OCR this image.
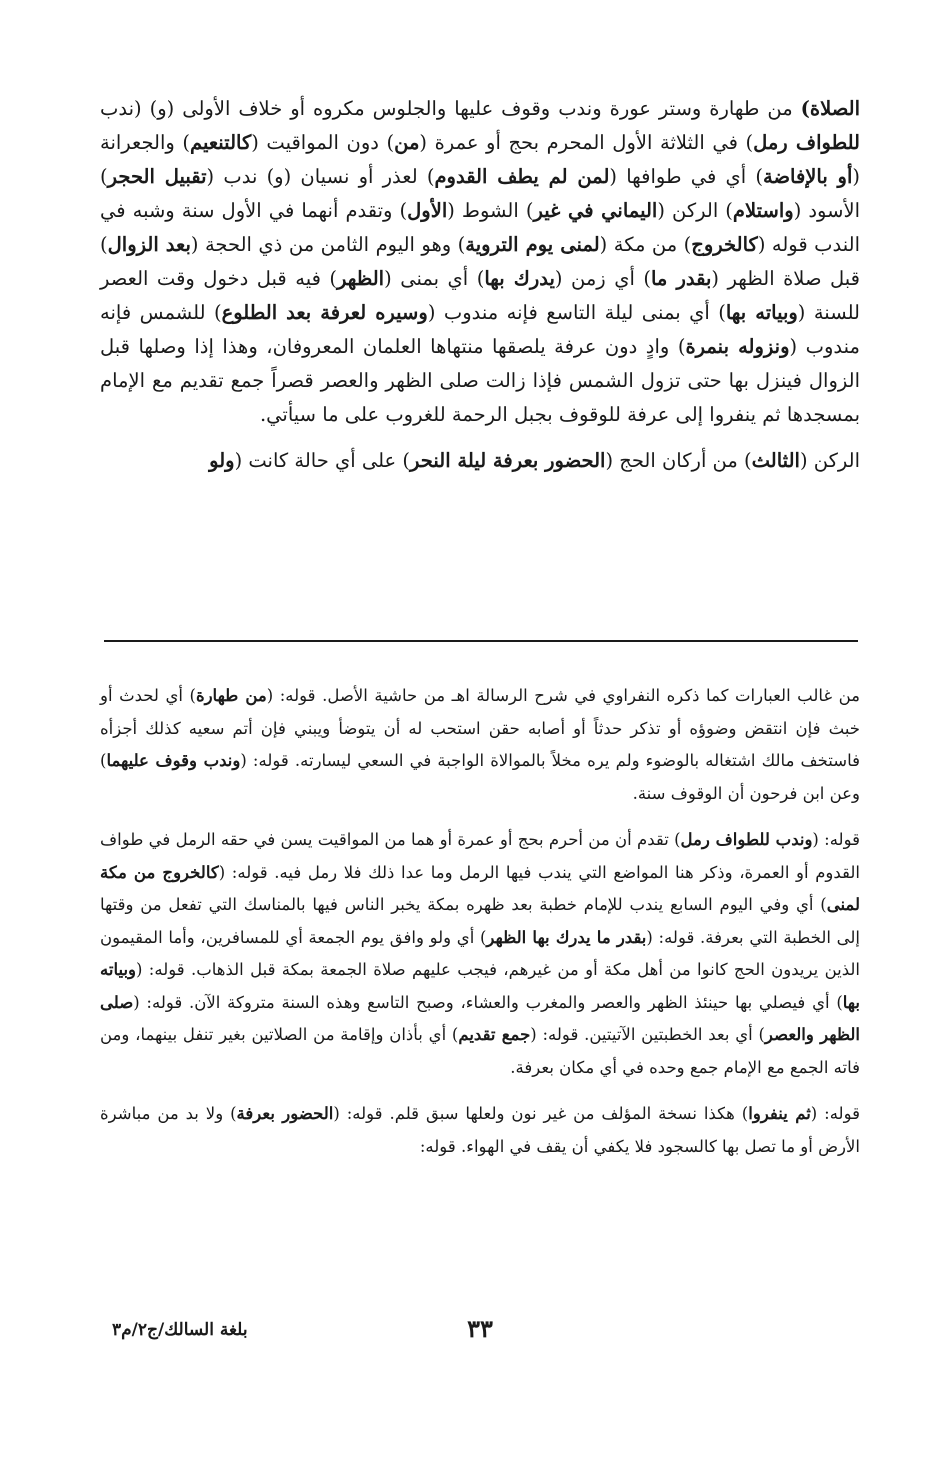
الصلاة) من طهارة وستر عورة وندب وقوف عليها والجلوس مكروه أو خلاف الأولى (و) (ندب للطواف رمل) في الثلاثة الأول المحرم بحج أو عمرة (من) دون المواقيت (كالتنعيم) والجعرانة (أو بالإفاضة) أي في طوافها (لمن لم يطف القدوم) لعذر أو نسيان (و) ندب (تقبيل الحجر) الأسود (واستلام) الركن (اليماني في غير) الشوط (الأول) وتقدم أنهما في الأول سنة وشبه في الندب قوله (كالخروج) من مكة (لمنى يوم التروية) وهو اليوم الثامن من ذي الحجة (بعد الزوال) قبل صلاة الظهر (بقدر ما) أي زمن (يدرك بها) أي بمنى (الظهر) فيه قبل دخول وقت العصر للسنة (وبياته بها) أي بمنى ليلة التاسع فإنه مندوب (وسيره لعرفة بعد الطلوع) للشمس فإنه مندوب (ونزوله بنمرة) وادٍ دون عرفة يلصقها منتهاها العلمان المعروفان، وهذا إذا وصلها قبل الزوال فينزل بها حتى تزول الشمس فإذا زالت صلى الظهر والعصر قصراً جمع تقديم مع الإمام بمسجدها ثم ينفروا إلى عرفة للوقوف بجبل الرحمة للغروب على ما سيأتي.

الركن (الثالث) من أركان الحج (الحضور بعرفة ليلة النحر) على أي حالة كانت (ولو

من غالب العبارات كما ذكره النفراوي في شرح الرسالة اهـ من حاشية الأصل. قوله: (من طهارة) أي لحدث أو خبث فإن انتقض وضوؤه أو تذكر حدثاً أو أصابه حقن استحب له أن يتوضأ ويبني فإن أتم سعيه كذلك أجزأه فاستخف مالك اشتغاله بالوضوء ولم يره مخلاً بالموالاة الواجبة في السعي ليسارته. قوله: (وندب وقوف عليهما) وعن ابن فرحون أن الوقوف سنة.

قوله: (وندب للطواف رمل) تقدم أن من أحرم بحج أو عمرة أو هما من المواقيت يسن في حقه الرمل في طواف القدوم أو العمرة، وذكر هنا المواضع التي يندب فيها الرمل وما عدا ذلك فلا رمل فيه. قوله: (كالخروج من مكة لمنى) أي وفي اليوم السابع يندب للإمام خطبة بعد ظهره بمكة يخبر الناس فيها بالمناسك التي تفعل من وقتها إلى الخطبة التي بعرفة. قوله: (بقدر ما يدرك بها الظهر) أي ولو وافق يوم الجمعة أي للمسافرين، وأما المقيمون الذين يريدون الحج كانوا من أهل مكة أو من غيرهم، فيجب عليهم صلاة الجمعة بمكة قبل الذهاب. قوله: (وبياته بها) أي فيصلي بها حينئذ الظهر والعصر والمغرب والعشاء، وصبح التاسع وهذه السنة متروكة الآن. قوله: (صلى الظهر والعصر) أي بعد الخطبتين الآتيتين. قوله: (جمع تقديم) أي بأذان وإقامة من الصلاتين بغير تنفل بينهما، ومن فاته الجمع مع الإمام جمع وحده في أي مكان بعرفة.

قوله: (ثم ينفروا) هكذا نسخة المؤلف من غير نون ولعلها سبق قلم. قوله: (الحضور بعرفة) ولا بد من مباشرة الأرض أو ما تصل بها كالسجود فلا يكفي أن يقف في الهواء. قوله:

٣٣
بلغة السالك/ج٢/م٣
